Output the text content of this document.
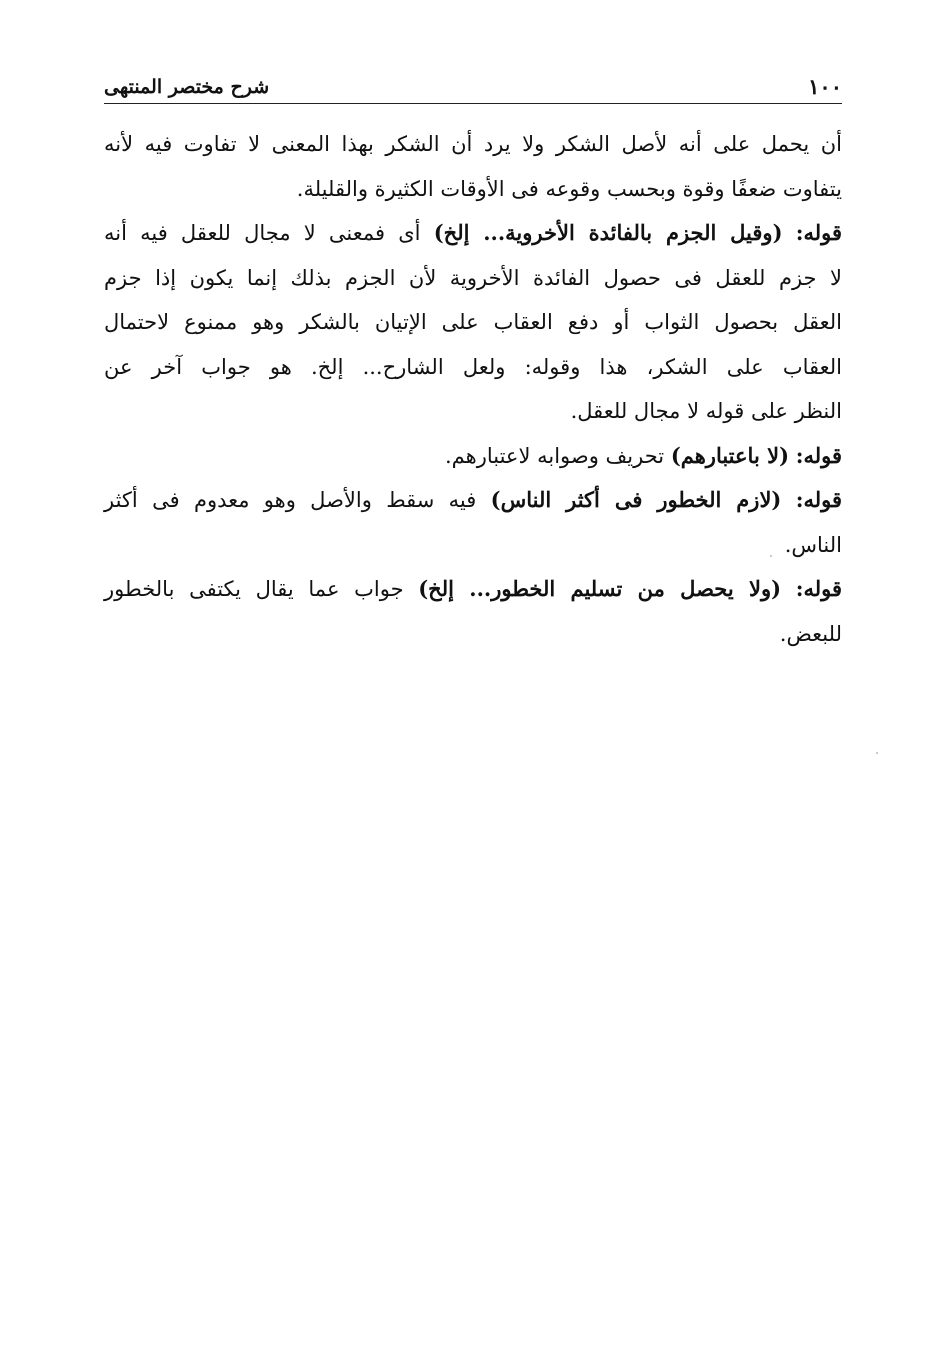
١٠٠
شرح مختصر المنتهى
أن يحمل على أنه لأصل الشكر ولا يرد أن الشكر بهذا المعنى لا تفاوت فيه لأنه
يتفاوت ضعفًا وقوة وبحسب وقوعه فى الأوقات الكثيرة والقليلة.
قوله: (وقيل الجزم بالفائدة الأخروية... إلخ) أى فمعنى لا مجال للعقل فيه أنه
لا جزم للعقل فى حصول الفائدة الأخروية لأن الجزم بذلك إنما يكون إذا جزم
العقل بحصول الثواب أو دفع العقاب على الإتيان بالشكر وهو ممنوع لاحتمال
العقاب على الشكر، هذا وقوله: ولعل الشارح... إلخ. هو جواب آخر عن
النظر على قوله لا مجال للعقل.
قوله: (لا باعتبارهم) تحريف وصوابه لاعتبارهم.
قوله: (لازم الخطور فى أكثر الناس) فيه سقط والأصل وهو معدوم فى أكثر
الناس.
قوله: (ولا يحصل من تسليم الخطور... إلخ) جواب عما يقال يكتفى بالخطور
للبعض.
